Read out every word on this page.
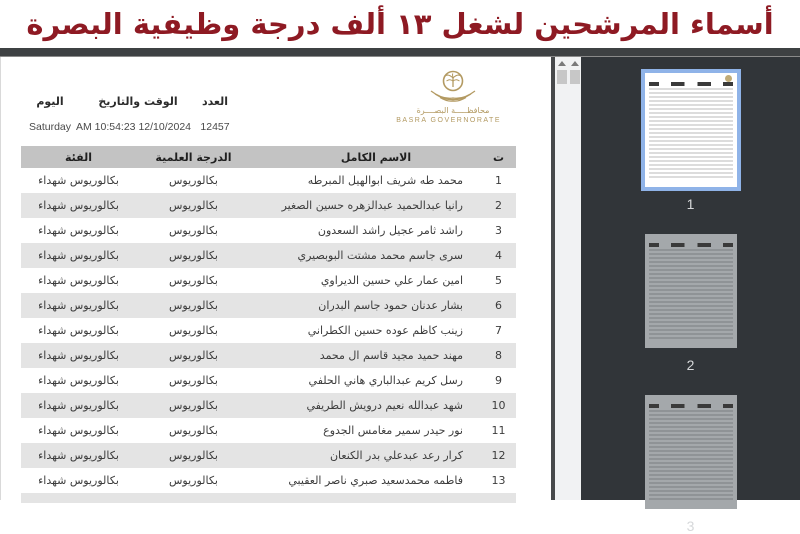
أسماء المرشحين لشغل ١٣ ألف درجة وظيفية البصرة
محافظـــــة البصــــرة
BASRA GOVERNORATE
العدد
12457
الوقت والتاريخ
AM 10:54:23 12/10/2024
اليوم
Saturday
ت
الاسم الكامل
الدرجة العلمية
الفئة
1
محمد طه شريف ابوالهيل المبرطه
بكالوريوس
بكالوريوس شهداء
2
رانيا عبدالحميد عبدالزهره حسين الصغير
بكالوريوس
بكالوريوس شهداء
3
راشد ثامر عجيل راشد السعدون
بكالوريوس
بكالوريوس شهداء
4
سرى جاسم محمد مشتت البوبصيري
بكالوريوس
بكالوريوس شهداء
5
امين عمار علي حسين الديراوي
بكالوريوس
بكالوريوس شهداء
6
بشار عدنان حمود جاسم البدران
بكالوريوس
بكالوريوس شهداء
7
زينب كاظم عوده حسين الكطراني
بكالوريوس
بكالوريوس شهداء
8
مهند حميد مجيد قاسم ال محمد
بكالوريوس
بكالوريوس شهداء
9
رسل كريم عبدالباري هاني الحلفي
بكالوريوس
بكالوريوس شهداء
10
شهد عبدالله نعيم درويش الطريفي
بكالوريوس
بكالوريوس شهداء
11
نور حيدر سمير مغامس الجدوع
بكالوريوس
بكالوريوس شهداء
12
كرار رعد عبدعلي بدر الكنعان
بكالوريوس
بكالوريوس شهداء
13
فاطمه محمدسعيد صبري ناصر العقيبي
بكالوريوس
بكالوريوس شهداء
1
2
3
